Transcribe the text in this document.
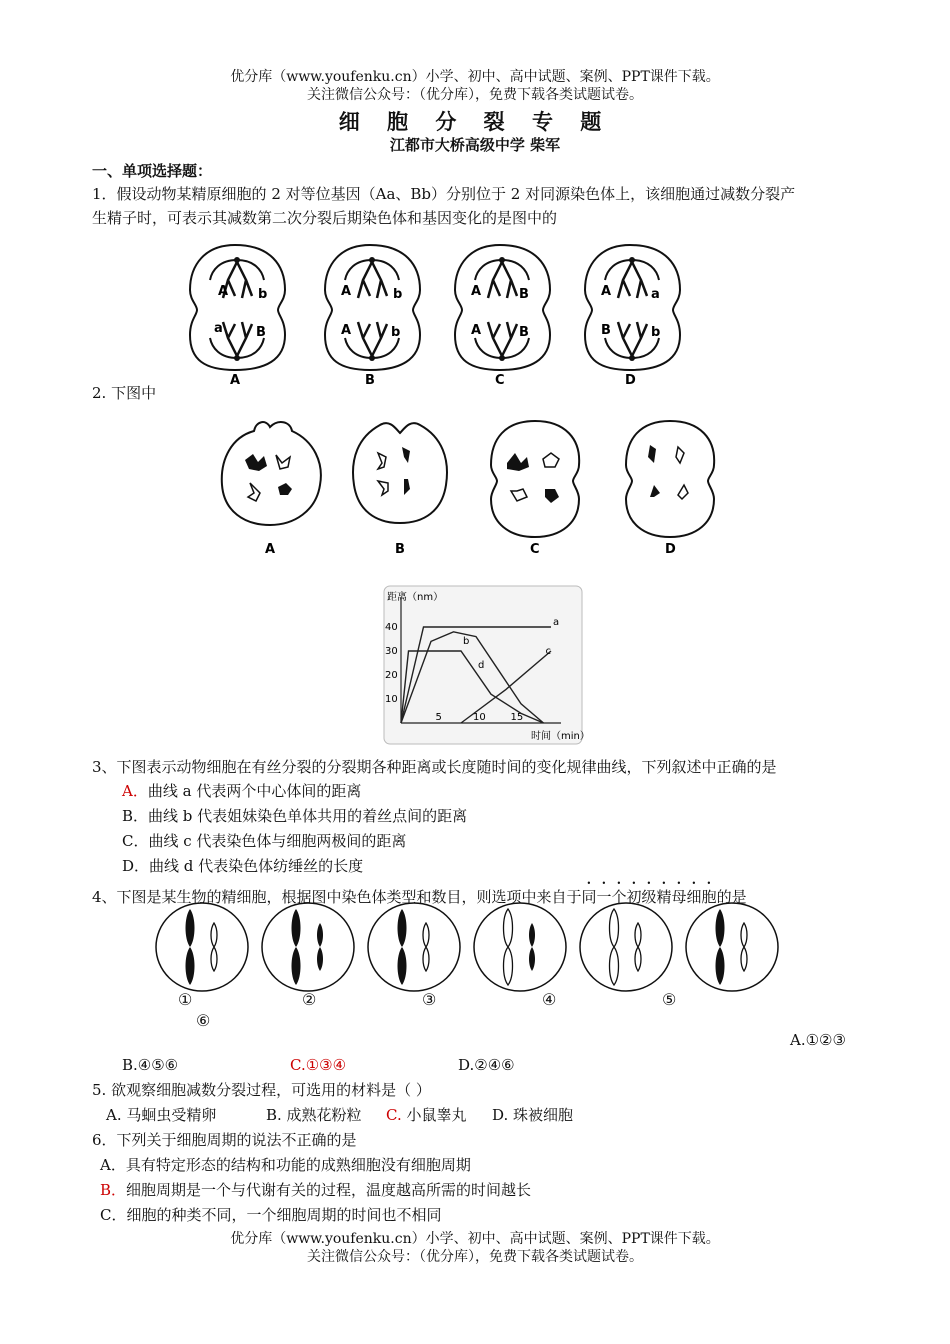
优分库（www.youfenku.cn）小学、初中、高中试题、案例、PPT课件下载。
关注微信公众号：（优分库），免费下载各类试题试卷。
细 胞 分 裂 专 题
江都市大桥高级中学 柴军
一、单项选择题：
1．假设动物某精原细胞的 2 对等位基因（Aa、Bb）分别位于 2 对同源染色体上，该细胞通过减数分裂产
生精子时，可表示其减数第二次分裂后期染色体和基因变化的是图中的
A b
a	B
A
A	b
A	b
B
A	B
A	B
C
A	a
B	b
D
2. 下图中
A	B	C	D
距离（nm）
时间（min）
10
20
30
40
5	10 15
a
b
c
d
3、下图表示动物细胞在有丝分裂的分裂期各种距离或长度随时间的变化规律曲线，下列叙述中正确的是
A．曲线 a 代表两个中心体间的距离
B．曲线 b 代表姐妹染色单体共用的着丝点间的距离
C．曲线 c 代表染色体与细胞两极间的距离
D．曲线 d 代表染色体纺缍丝的长度
4、下图是某生物的精细胞，根据图中染色体类型和数目，则选项中来自于同一个初级精母细胞的是
①	②	③	④	⑤
⑥
A.①②③
B.④⑤⑥	C.①③④	D.②④⑥
5. 欲观察细胞减数分裂过程，可选用的材料是（ ）
A. 马蛔虫受精卵	B. 成熟花粉粒 C. 小鼠睾丸 D. 珠被细胞
6．下列关于细胞周期的说法不正确的是
A．具有特定形态的结构和功能的成熟细胞没有细胞周期
B．细胞周期是一个与代谢有关的过程，温度越高所需的时间越长
C．细胞的种类不同，一个细胞周期的时间也不相同
优分库（www.youfenku.cn）小学、初中、高中试题、案例、PPT课件下载。
关注微信公众号：（优分库），免费下载各类试题试卷。
